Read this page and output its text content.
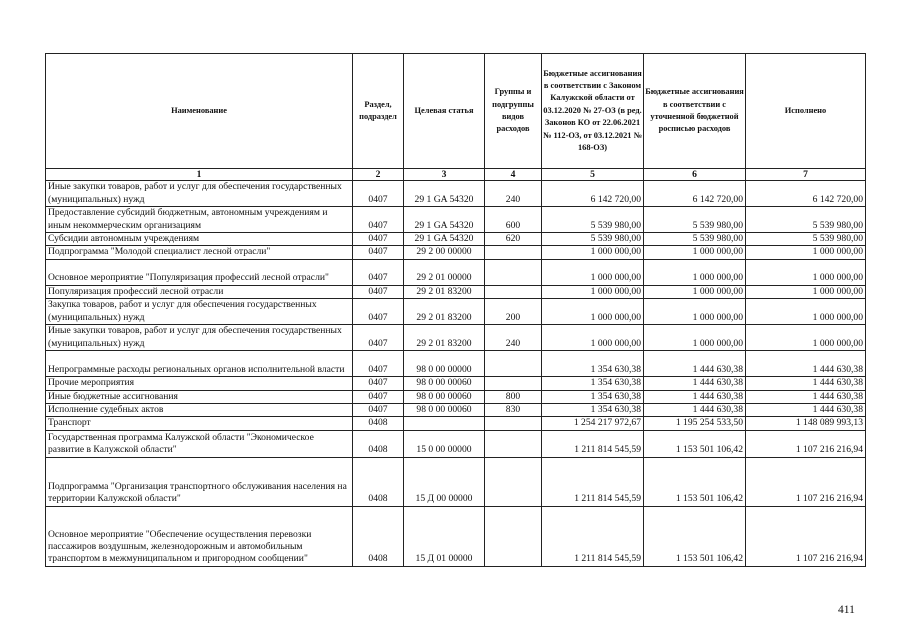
Наименование	Раздел, подраздел	Целевая статья	Группы и подгруппы видов расходов	Бюджетные ассигнования в соответствии с Законом Калужской области от 03.12.2020 № 27-ОЗ (в ред. Законов КО от 22.06.2021 № 112-ОЗ, от 03.12.2021 № 168-ОЗ)	Бюджетные ассигнования в соответствии с уточненной бюджетной росписью расходов	Исполнено
1	2	3	4	5	6	7
Иные закупки товаров, работ и услуг для обеспечения государственных (муниципальных) нужд	0407	29 1 GA 54320	240	6 142 720,00	6 142 720,00	6 142 720,00
Предоставление субсидий бюджетным, автономным учреждениям и иным некоммерческим организациям	0407	29 1 GA 54320	600	5 539 980,00	5 539 980,00	5 539 980,00
Субсидии автономным учреждениям	0407	29 1 GA 54320	620	5 539 980,00	5 539 980,00	5 539 980,00
Подпрограмма "Молодой специалист лесной отрасли"	0407	29 2 00 00000		1 000 000,00	1 000 000,00	1 000 000,00
Основное мероприятие "Популяризация профессий лесной отрасли"	0407	29 2 01 00000		1 000 000,00	1 000 000,00	1 000 000,00
Популяризация профессий лесной отрасли	0407	29 2 01 83200		1 000 000,00	1 000 000,00	1 000 000,00
Закупка товаров, работ и услуг для обеспечения государственных (муниципальных) нужд	0407	29 2 01 83200	200	1 000 000,00	1 000 000,00	1 000 000,00
Иные закупки товаров, работ и услуг для обеспечения государственных (муниципальных) нужд	0407	29 2 01 83200	240	1 000 000,00	1 000 000,00	1 000 000,00
Непрограммные расходы региональных органов исполнительной власти	0407	98 0 00 00000		1 354 630,38	1 444 630,38	1 444 630,38
Прочие мероприятия	0407	98 0 00 00060		1 354 630,38	1 444 630,38	1 444 630,38
Иные бюджетные ассигнования	0407	98 0 00 00060	800	1 354 630,38	1 444 630,38	1 444 630,38
Исполнение судебных актов	0407	98 0 00 00060	830	1 354 630,38	1 444 630,38	1 444 630,38
Транспорт	0408			1 254 217 972,67	1 195 254 533,50	1 148 089 993,13
Государственная программа Калужской области "Экономическое развитие в Калужской области"	0408	15 0 00 00000		1 211 814 545,59	1 153 501 106,42	1 107 216 216,94
Подпрограмма "Организация транспортного обслуживания населения на территории Калужской области"	0408	15 Д 00 00000		1 211 814 545,59	1 153 501 106,42	1 107 216 216,94
Основное мероприятие "Обеспечение осуществления перевозки пассажиров воздушным, железнодорожным и автомобильным транспортом в межмуниципальном и пригородном сообщении"	0408	15 Д 01 00000		1 211 814 545,59	1 153 501 106,42	1 107 216 216,94
411
